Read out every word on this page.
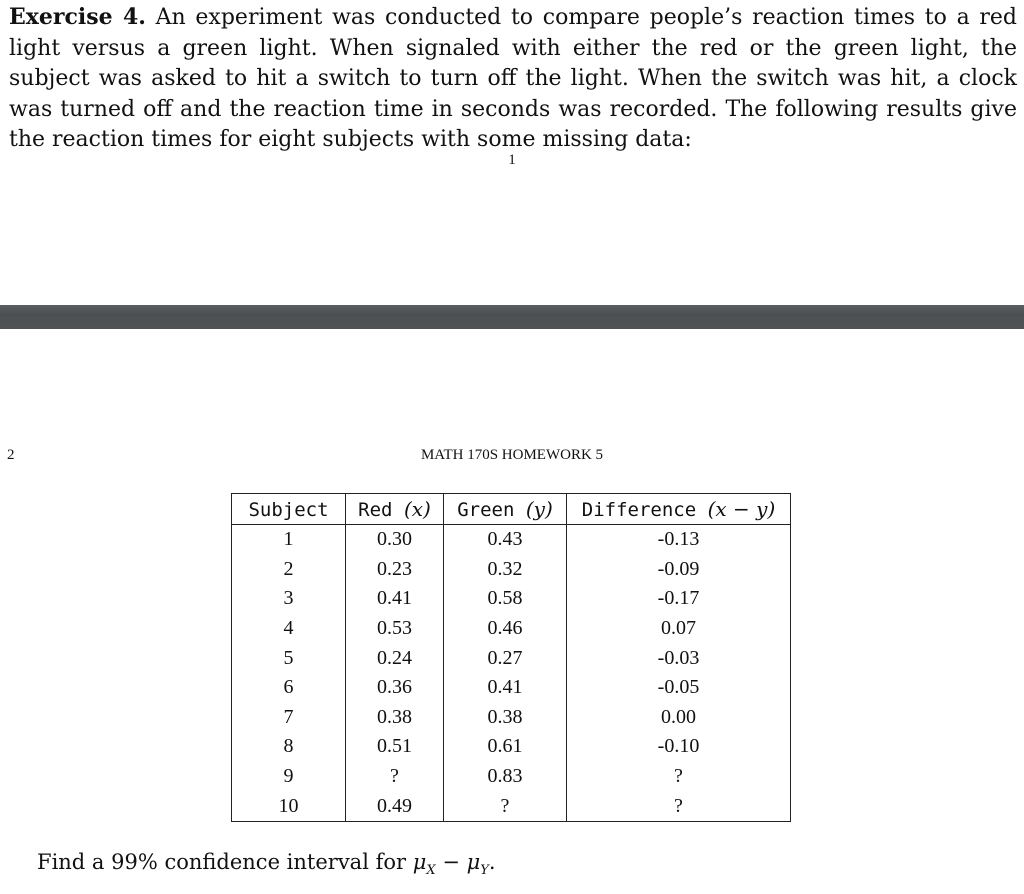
Exercise 4. An experiment was conducted to compare people’s reaction times to a red light versus a green light. When signaled with either the red or the green light, the subject was asked to hit a switch to turn off the light. When the switch was hit, a clock was turned off and the reaction time in seconds was recorded. The following results give the reaction times for eight subjects with some missing data:

1
2	MATH 170S HOMEWORK 5
Subject	Red (x)	Green (y)	Difference (x − y)
1	0.30	0.43	-0.13
2	0.23	0.32	-0.09
3	0.41	0.58	-0.17
4	0.53	0.46	0.07
5	0.24	0.27	-0.03
6	0.36	0.41	-0.05
7	0.38	0.38	0.00
8	0.51	0.61	-0.10
9	?	0.83	?
10	0.49	?	?

Find a 99% confidence interval for $\mu_X - \mu_Y$.
